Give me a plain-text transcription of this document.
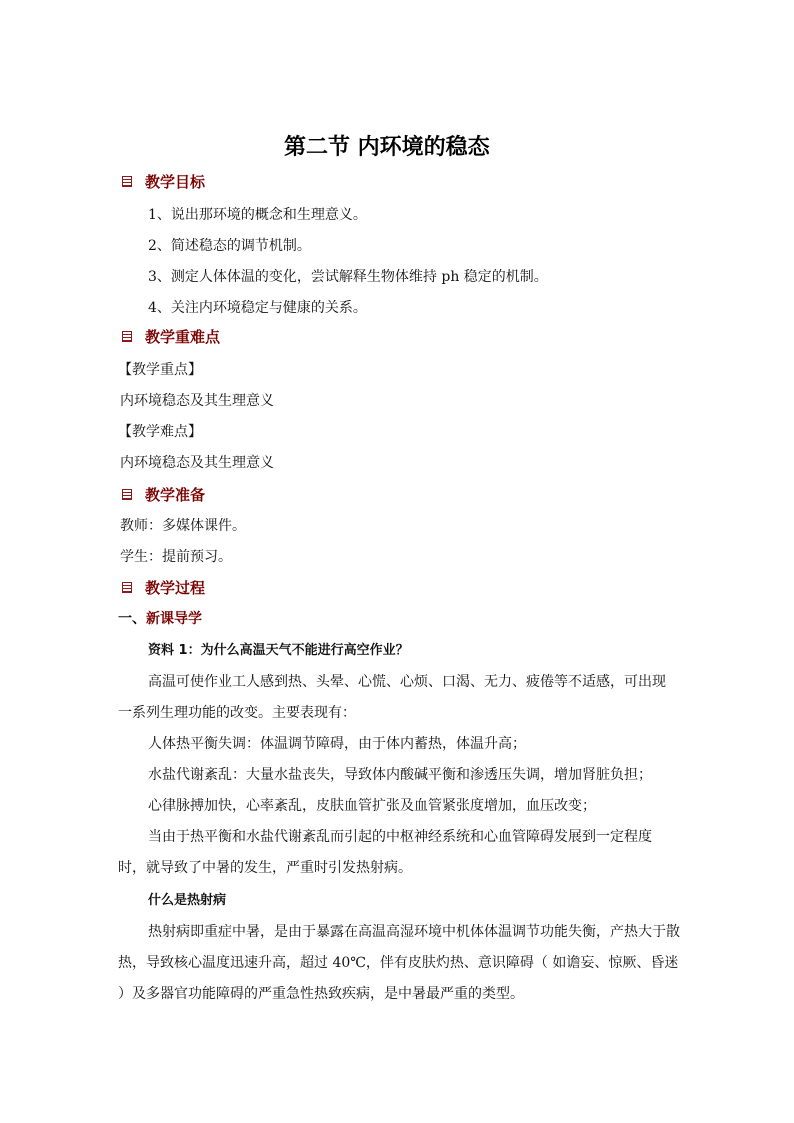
第二节 内环境的稳态
教学目标
1、说出那环境的概念和生理意义。
2、简述稳态的调节机制。
3、测定人体体温的变化，尝试解释生物体维持 ph 稳定的机制。
4、关注内环境稳定与健康的关系。
教学重难点
【教学重点】
内环境稳态及其生理意义
【教学难点】
内环境稳态及其生理意义
教学准备
教师：多媒体课件。
学生：提前预习。
教学过程
一、新课导学
资料 1：为什么高温天气不能进行高空作业？
高温可使作业工人感到热、头晕、心慌、心烦、口渴、无力、疲倦等不适感，可出现
一系列生理功能的改变。主要表现有：
人体热平衡失调：体温调节障碍，由于体内蓄热，体温升高；
水盐代谢紊乱：大量水盐丧失，导致体内酸碱平衡和渗透压失调，增加肾脏负担；
心律脉搏加快，心率紊乱，皮肤血管扩张及血管紧张度增加，血压改变；
当由于热平衡和水盐代谢紊乱而引起的中枢神经系统和心血管障碍发展到一定程度
时，就导致了中暑的发生，严重时引发热射病。
什么是热射病
热射病即重症中暑，是由于暴露在高温高湿环境中机体体温调节功能失衡，产热大于散
热，导致核心温度迅速升高，超过 40℃，伴有皮肤灼热、意识障碍（ 如谵妄、惊厥、昏迷
）及多器官功能障碍的严重急性热致疾病，是中暑最严重的类型。
